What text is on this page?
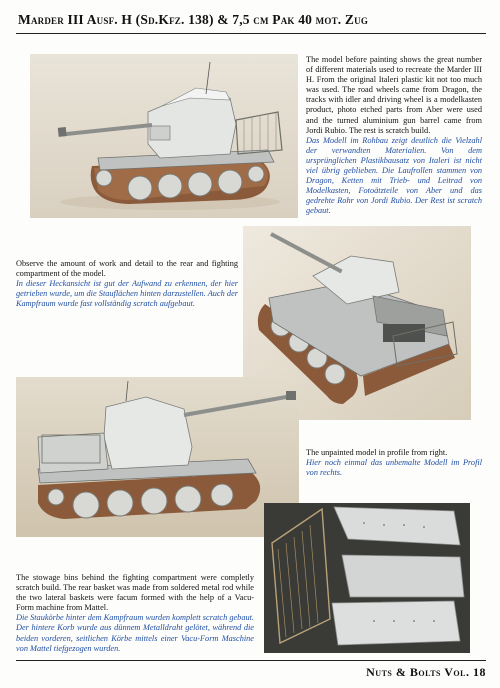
Marder III Ausf. H (Sd.Kfz. 138) & 7,5 cm Pak 40 mot. Zug

The model before painting shows the great number of different materials used to recreate the Marder III H. From the original Italeri plastic kit not too much was used. The road wheels came from Dragon, the tracks with idler and driving wheel is a modelkasten product, photo etched parts from Aber were used and the turned aluminium gun barrel came from Jordi Rubio. The rest is scratch build.

Das Modell im Rohbau zeigt deutlich die Vielzahl der verwandten Materialien. Von dem ursprünglichen Plastikbausatz von Italeri ist nicht viel übrig geblieben. Die Laufrollen stammen von Dragon, Ketten mit Trieb- und Leitrad von Modelkasten, Fotoätzteile von Aber und das gedrehte Rohr von Jordi Rubio. Der Rest ist scratch gebaut.

Observe the amount of work and detail to the rear and fighting compartment of the model.

In dieser Heckansicht ist gut der Aufwand zu erkennen, der hier getrieben wurde, um die Stauflächen hinten darzustellen. Auch der Kampfraum wurde fast vollständig scratch aufgebaut.

The unpainted model in profile from right.

Hier noch einmal das unbemalte Modell im Profil von rechts.

The stowage bins behind the fighting compartment were completly scratch build. The rear basket was made from soldered metal rod while the two lateral baskets were facum formed with the help of a Vacu-Form machine from Mattel.

Die Staukörbe hinter dem Kampfraum wurden komplett scratch gebaut. Der hintere Korb wurde aus dünnem Metalldraht gelötet, während die beiden vorderen, seitlichen Körbe mittels einer Vacu-Form Maschine von Mattel tiefgezogen wurden.

Nuts & Bolts Vol. 18
